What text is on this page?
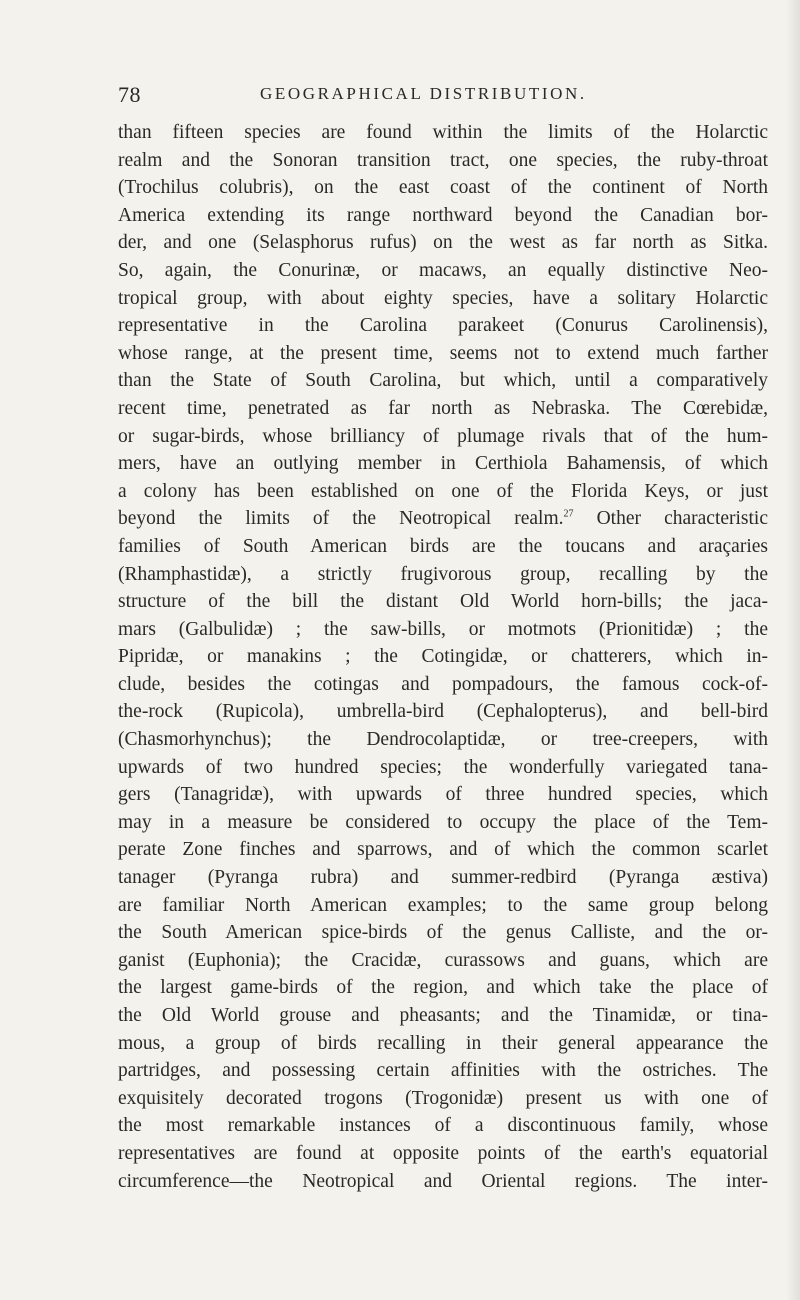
78	GEOGRAPHICAL DISTRIBUTION.
than fifteen species are found within the limits of the Holarctic
realm and the Sonoran transition tract, one species, the ruby-throat
(Trochilus colubris), on the east coast of the continent of North
America extending its range northward beyond the Canadian bor-
der, and one (Selasphorus rufus) on the west as far north as Sitka.
So, again, the Conurinæ, or macaws, an equally distinctive Neo-
tropical group, with about eighty species, have a solitary Holarctic
representative in the Carolina parakeet (Conurus Carolinensis),
whose range, at the present time, seems not to extend much farther
than the State of South Carolina, but which, until a comparatively
recent time, penetrated as far north as Nebraska. The Cœrebidæ,
or sugar-birds, whose brilliancy of plumage rivals that of the hum-
mers, have an outlying member in Certhiola Bahamensis, of which
a colony has been established on one of the Florida Keys, or just
beyond the limits of the Neotropical realm.$^{27}$ Other characteristic
families of South American birds are the toucans and araçaries
(Rhamphastidæ), a strictly frugivorous group, recalling by the
structure of the bill the distant Old World horn-bills; the jaca-
mars (Galbulidæ) ; the saw-bills, or motmots (Prionitidæ) ; the
Pipridæ, or manakins ; the Cotingidæ, or chatterers, which in-
clude, besides the cotingas and pompadours, the famous cock-of-
the-rock (Rupicola), umbrella-bird (Cephalopterus), and bell-bird
(Chasmorhynchus); the Dendrocolaptidæ, or tree-creepers, with
upwards of two hundred species; the wonderfully variegated tana-
gers (Tanagridæ), with upwards of three hundred species, which
may in a measure be considered to occupy the place of the Tem-
perate Zone finches and sparrows, and of which the common scarlet
tanager (Pyranga rubra) and summer-redbird (Pyranga æstiva)
are familiar North American examples; to the same group belong
the South American spice-birds of the genus Calliste, and the or-
ganist (Euphonia); the Cracidæ, curassows and guans, which are
the largest game-birds of the region, and which take the place of
the Old World grouse and pheasants; and the Tinamidæ, or tina-
mous, a group of birds recalling in their general appearance the
partridges, and possessing certain affinities with the ostriches. The
exquisitely decorated trogons (Trogonidæ) present us with one of
the most remarkable instances of a discontinuous family, whose
representatives are found at opposite points of the earth's equatorial
circumference—the Neotropical and Oriental regions. The inter-
